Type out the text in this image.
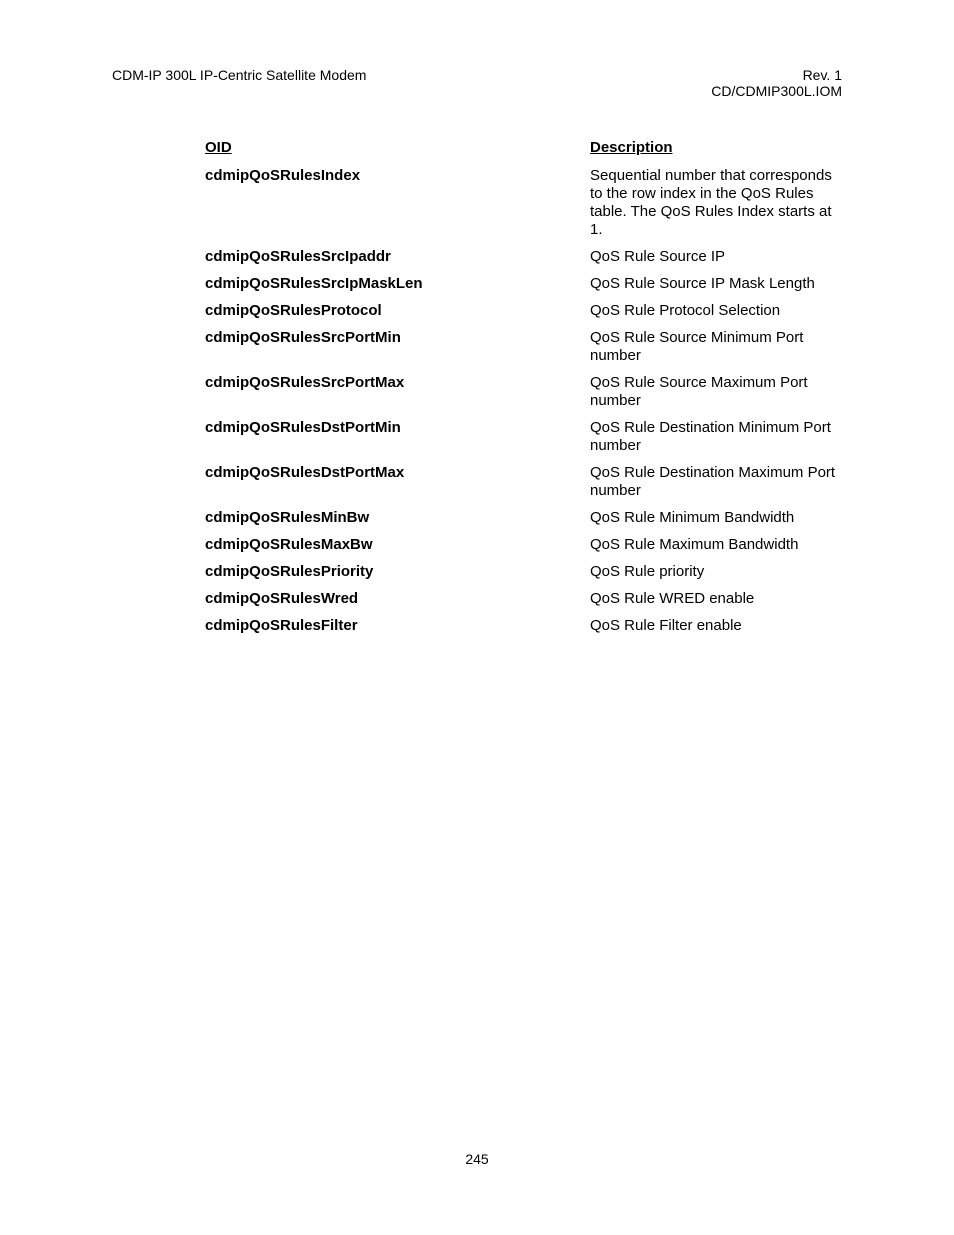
CDM-IP 300L IP-Centric Satellite Modem	Rev. 1
CD/CDMIP300L.IOM
OID	Description
cdmipQoSRulesIndex	Sequential number that corresponds to the row index in the QoS Rules table. The QoS Rules Index starts at 1.
cdmipQoSRulesSrcIpaddr	QoS Rule Source IP
cdmipQoSRulesSrcIpMaskLen	QoS Rule Source IP Mask Length
cdmipQoSRulesProtocol	QoS Rule Protocol Selection
cdmipQoSRulesSrcPortMin	QoS Rule Source Minimum Port number
cdmipQoSRulesSrcPortMax	QoS Rule Source Maximum Port number
cdmipQoSRulesDstPortMin	QoS Rule Destination Minimum Port number
cdmipQoSRulesDstPortMax	QoS Rule Destination Maximum Port number
cdmipQoSRulesMinBw	QoS Rule Minimum Bandwidth
cdmipQoSRulesMaxBw	QoS Rule Maximum Bandwidth
cdmipQoSRulesPriority	QoS Rule priority
cdmipQoSRulesWred	QoS Rule WRED enable
cdmipQoSRulesFilter	QoS Rule Filter enable
245
